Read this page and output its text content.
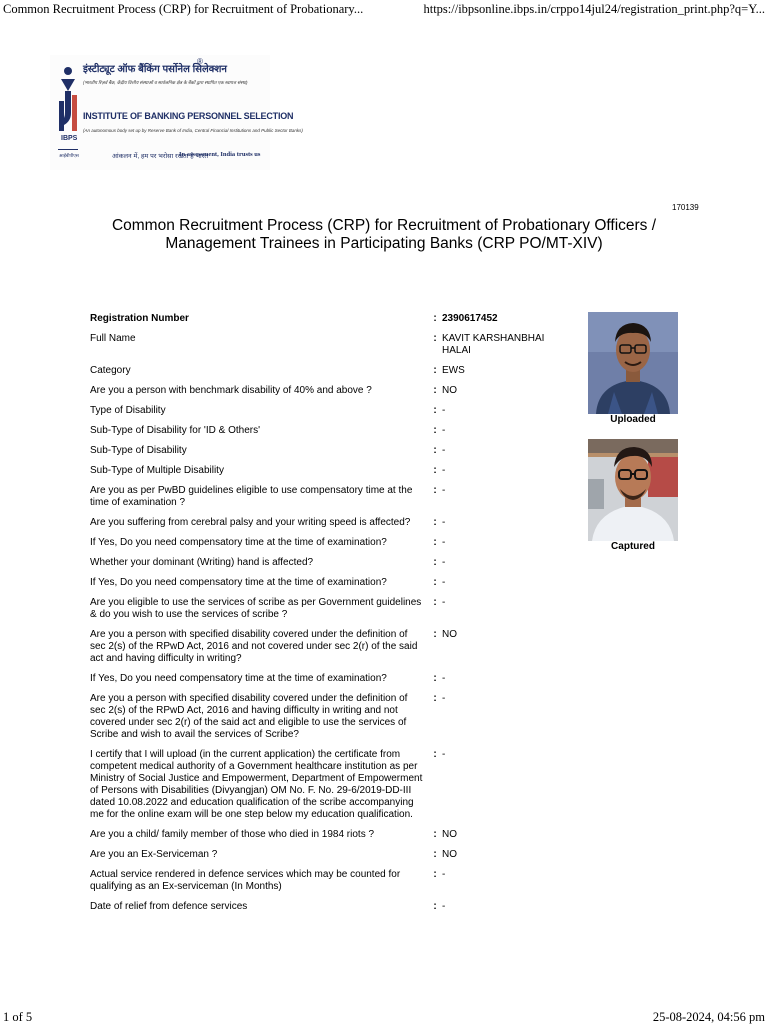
Common Recruitment Process (CRP) for Recruitment of Probationary...	https://ibpsonline.ibps.in/crppo14jul24/registration_print.php?q=Y...
आईबीपीएस
इंस्टीट्यूट ऑफ बैंकिंग पर्सोनेल सिलेक्शन
®
(भारतीय रिज़र्व बैंक, केंद्रीय वित्तीय संस्थाओं व सार्वजनिक क्षेत्र के बैंकों द्वारा स्थापित एक स्वायत्त संस्था)
INSTITUTE OF BANKING PERSONNEL SELECTION
(An autonomous body set up by Reserve Bank of India, Central Financial Institutions and Public Sector Banks)
IBPS
आंकलन में, हम पर भरोसा रखता है भारत
In assessment, India trusts us
170139
Common Recruitment Process (CRP) for Recruitment of Probationary Officers / Management Trainees in Participating Banks (CRP PO/MT-XIV)
Registration Number	:	2390617452
Full Name	:	KAVIT KARSHANBHAI HALAI
Category	:	EWS
Are you a person with benchmark disability of 40% and above ?	:	NO
Type of Disability	:	-
Sub-Type of Disability for 'ID & Others'	:	-
Sub-Type of Disability	:	-
Sub-Type of Multiple Disability	:	-
Are you as per PwBD guidelines eligible to use compensatory time at the time of examination ?	:	-
Are you suffering from cerebral palsy and your writing speed is affected?	:	-
If Yes, Do you need compensatory time at the time of examination?	:	-
Whether your dominant (Writing) hand is affected?	:	-
If Yes, Do you need compensatory time at the time of examination?	:	-
Are you eligible to use the services of scribe as per Government guidelines & do you wish to use the services of scribe ?	:	-
Are you a person with specified disability covered under the definition of sec 2(s) of the RPwD Act, 2016 and not covered under sec 2(r) of the said act and having difficulty in writing?	:	NO
If Yes, Do you need compensatory time at the time of examination?	:	-
Are you a person with specified disability covered under the definition of sec 2(s) of the RPwD Act, 2016 and having difficulty in writing and not covered under sec 2(r) of the said act and eligible to use the services of Scribe and wish to avail the services of Scribe?	:	-
I certify that I will upload (in the current application) the certificate from competent medical authority of a Government healthcare institution as per Ministry of Social Justice and Empowerment, Department of Empowerment of Persons with Disabilities (Divyangjan) OM No. F. No. 29-6/2019-DD-III dated 10.08.2022 and education qualification of the scribe accompanying me for the online exam will be one step below my education qualification.	:	-
Are you a child/ family member of those who died in 1984 riots ?	:	NO
Are you an Ex-Serviceman ?	:	NO
Actual service rendered in defence services which may be counted for qualifying as an Ex-serviceman (In Months)	:	-
Date of relief from defence services	:	-
Uploaded
Captured
1 of 5	25-08-2024, 04:56 pm
